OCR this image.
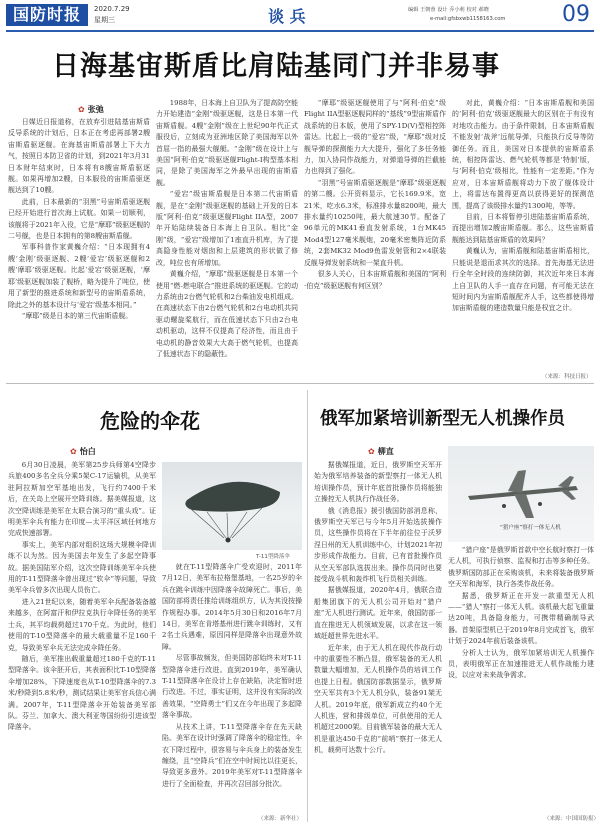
国防时报	2020.7.29
星期三	谈 兵	编辑 王朝蓉 设计 乔小莉 校对 郝晓
e-mail:gfsbxwb1158163.com	09
日海基宙斯盾比肩陆基同门并非易事
✿ 张弛

日媒近日报道称，在放弃引进陆基宙斯盾反导系统的计划后，日本正在考虑再部署2艘宙斯盾驱逐舰。在海基宙斯盾部署上下大力气，按照日本防卫省的计划，到2021年3月31日本财年结束时，日本将有8艘宙斯盾驱逐舰。如果再增加2艘，日本服役的宙斯盾驱逐舰达到了10艘。

此前，日本最新的“羽黑”号宙斯盾驱逐舰已经开始进行首次海上试航。如果一切顺利，该舰将于2021年入役，它是“摩耶”级驱逐舰的二号舰，也是日本拥有的第8艘宙斯盾舰。

军事科普作家黄巍介绍：“日本现拥有4艘‘金刚’级驱逐舰、2艘‘爱宕’级驱逐舰和2艘‘摩耶’级驱逐舰。比起‘爱宕’级驱逐舰，‘摩耶’级驱逐舰加装了舰桥，略为提升了吨位，使用了新型的推进系统和新型号的宙斯盾系统，除此之外的基本设计与‘爱宕’级基本相同。”

“摩耶”级是日本的第三代宙斯盾舰。

1988年，日本海上自卫队为了提高防空能力开始建造“金刚”级驱逐舰，这是日本第一代宙斯盾舰。4艘“金刚”级在上世纪90年代正式服役后，立刻成为亚洲地区除了美国海军以外首屈一指的最强大舰艇。“金刚”级在设计上与美国“阿利·伯克”级驱逐舰Flight-I构型基本相同，是除了美国海军之外最早出现的宙斯盾舰。

“爱宕”级宙斯盾舰是日本第二代宙斯盾舰，是在“金刚”级驱逐舰的基础上开发的日本版“阿利·伯克”级驱逐舰Flight IIA型，2007年开始陆续装备日本海上自卫队。相比“金刚”级，“爱宕”级增加了1座直升机库，为了提高隐身性能对烟囱和上层建筑的形状做了修改，吨位也有所增加。

黄巍介绍，“摩耶”级驱逐舰是日本第一个使用“燃-燃电联合”推进系统的驱逐舰。它的动力系统由2台燃气轮机和2台柴油发电机组成。在高速状态下由2台燃气轮机和2台电动机共同驱动螺旋桨航行，而在低速状态下只由2台电动机驱动，这样不仅提高了经济性，而且由于电动机的静音效果大大高于燃气轮机，也提高了低速状态下的隐蔽性。

“摩耶”级驱逐舰使用了与“阿利·伯克”级Flight IIA型驱逐舰同样的“基线”9型宙斯盾作战系统的日本版，使用了SPY-1D(V)型相控阵雷达。比起上一级的“爱宕”级，“摩耶”级对反舰导弹的探测能力大大提升，强化了多任务能力，加入协同作战能力，对弹道导弹的拦截能力也得到了强化。

“羽黑”号宙斯盾驱逐舰是“摩耶”级驱逐舰的第二艘。公开资料显示，它长169.9米，宽21米，吃水6.3米，标准排水量8200吨，最大排水量约10250吨，最大航速30节。配备了96单元的MK41垂直发射系统，1台MK45 Mod4型127毫米舰炮，20毫米密集阵近防系统，2套MK32 Mod9鱼雷发射管和2×4联装反舰导弹发射系统和一架直升机。

很多人关心，日本宙斯盾舰和美国的“阿利·伯克”级驱逐舰有何区别？

对此，黄巍介绍：“日本宙斯盾舰和美国的‘阿利·伯克’级驱逐舰最大的区别在于有没有对地攻击能力。由于条件限制，日本宙斯盾舰不能发射‘战斧’远航导弹，只能执行反导等防御任务。而且，美国对日本提供的宙斯盾系统，相控阵雷达、燃气轮机等都是‘特制’版，与‘阿利·伯克’级相比，性能有一定差距。”作为应对，日本宙斯盾舰将动力下放了舰体设计上，将雷达布置得更高以获得更好的探测范围，提高了该级排水量约1300吨，等等。

目前，日本将暂停引进陆基宙斯盾系统，而提出增加2艘宙斯盾舰。那么，这些宙斯盾舰能达到陆基宙斯盾的效果吗？

黄巍认为，宙斯盾舰和陆基宙斯盾相比，只能说是退而求其次的选择。首先海基无法进行全年全时段的连续防御，其次近年来日本海上自卫队的人手一直存在问题，有可能无法在短时间内为宙斯盾舰配齐人手，这些都使得增加宙斯盾舰的建造数量只能是权宜之计。

（来源：科技日报）
危险的伞花
✿ 怡白
T-11型降落伞

6月30日凌晨，美军第25步兵师第4空降步兵旅400多名全兵分乘5架C-17运输机，从美军驻阿拉斯加空军基地出发，飞行约7400千米后，在关岛上空展开空降训练。据美媒报道，这次空降训练是美军在太联合演习的“重头戏”。证明美军伞兵有能力在印度—太平洋区域任何地方完成快速部署。

事实上，美军内部对组织这场大规模伞降训练不以为然。因为美国去年发生了多起空降事故。据美国陆军介绍，这次空降训练美军伞兵使用的T-11型降落伞曾出现过“软伞”等问题，导致美军伞兵曾多次出现人员伤亡。

进入21世纪以来，随着美军伞兵配备装备越来越多，在阿富汗和伊拉克执行伞降任务的美军士兵，其平均载荷超过170千克。为此时，他们使用的T-10型降落伞的最大载重量不足160千克，导致美军伞兵无法完成伞降任务。

随后，美军推出载重量超过180千克的T-11型降落伞。该伞胚开后，其表面积比T-10型降落伞增加28%，下降速度也从T-10型降落伞的7.3米/秒降到5.8米/秒，测试结果让美军官兵信心满满。2007年，T-11型降落伞开始装备美军部队。芬兰、加拿大、澳大利亚等国纷纷引进该型降落伞。

就在T-11型降落伞广受欢迎时，2011年7月12日，美军布拉格堡基地，一名25岁的伞兵在跳伞训练中因降落伞故障死亡。事后，美国防部将责任推给训练组织方，认为其没按操作规程办事。2014年5月30日和2016年7月14日，美军在肯塔基州进行跳伞训练时，又有2名士兵遇难，原因同样是降落伞出现意外故障。

尽管事故频发，但美国防部始终未对T-11型降落伞进行改进。直到2019年，美军确认T-11型降落伞在设计上存在缺陷，决定暂时进行改进。不过，事实证明，这并没有实际的改善效果，“空降勇士”们又在今年出现了多起降落伞事故。

从技术上讲，T-11型降落伞存在先天缺陷。美军在设计时强调了降落伞的稳定性，伞衣下降过程中，很容易与伞兵身上的装备发生缠绕，且“空降兵”们在空中时间比以往更长，导致更多意外。2019年美军对T-11型降落伞进行了全面检查，并再次召回部分批次。

（来源：新华社）
俄军加紧培训新型无人机操作员
✿ 柳直
“猎户座”察打一体无人机

据俄媒报道，近日，俄罗斯空天军开始为俄军培养装备的新型察打一体无人机培训操作员，预计年底首批操作员将能独立操控无人机执行作战任务。

俄《消息报》援引俄国防部消息称，俄罗斯空天军已与今年5月开始选拔操作员，这些操作员将在下半年前往位于沃罗涅日州的无人机训练中心，计划2021年初步形成作战能力。目前，已有首批操作员从空天军部队选拔出来。操作员同时也要接受战斗机和轰炸机飞行员相关训练。

据俄媒报道，2020年4月，俄联合造船集团旗下的无人机公司开始对“猎户座”无人机进行测试。近年来，俄国防部一直在推进无人机领域发展，以求在这一领域赶超世界先进水平。

近年来，由于无人机在现代作战行动中的重要性不断凸显，俄军装备的无人机数量大幅增加，无人机操作员的培训工作也提上日程。俄国防部数据显示，俄罗斯空天军共有3个无人机分队，装备91架无人机。2019年底，俄军新成立约40个无人机连，营和排级单位，可供使用的无人机超过2000架。目前俄军装备的最大无人机是重达450千克的“前哨”察打一体无人机，载荷可达数十公斤。

“猎户座”是俄罗斯首款中空长航时察打一体无人机，可执行侦察、监视和打击等多种任务。俄罗斯国防部正在采购该机，未来将装备俄罗斯空天军和海军，执行各类作战任务。

据悉，俄罗斯正在开发一款重型无人机——“猎人”察打一体无人机。该机最大起飞重量达20吨，具备隐身能力，可携带精确制导武器。首架原型机已于2019年8月完成首飞，俄军计划于2024年前后装备该机。

分析人士认为，俄军加紧培训无人机操作员，表明俄军正在加速推进无人机作战能力建设，以应对未来战争需求。

（来源：中国国防报）
